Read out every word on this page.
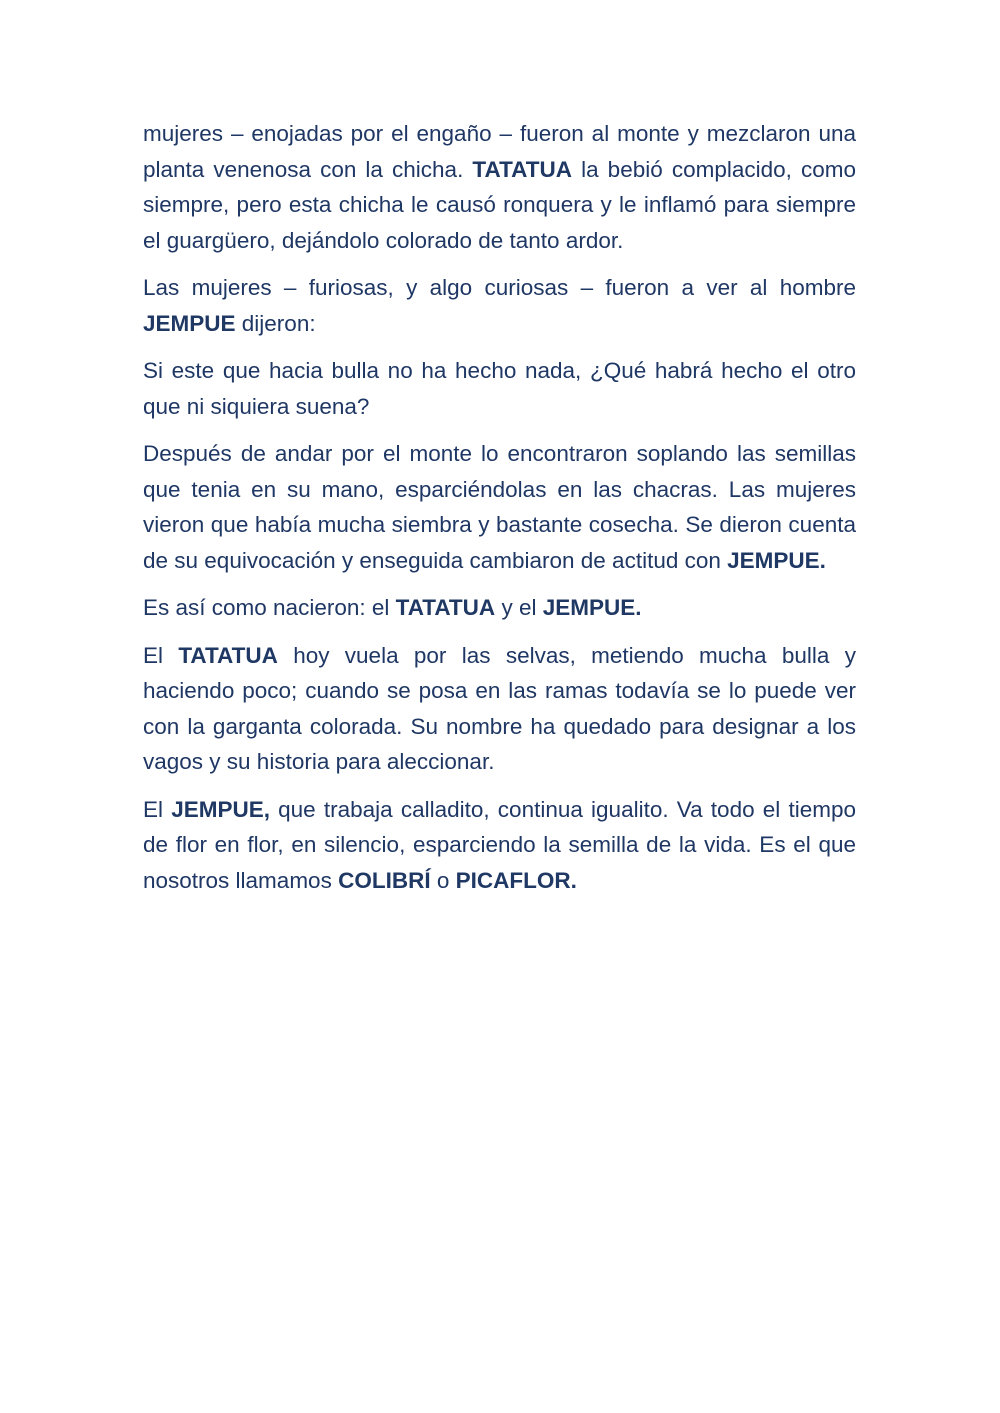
mujeres – enojadas por el engaño – fueron al monte y mezclaron una planta venenosa con la chicha. TATATUA la bebió complacido, como siempre, pero esta chicha le causó ronquera y le inflamó para siempre el guargüero, dejándolo colorado de tanto ardor.

Las mujeres – furiosas, y algo curiosas – fueron a ver al hombre JEMPUE dijeron:

Si este que hacia bulla no ha hecho nada, ¿Qué habrá hecho el otro que ni siquiera suena?

Después de andar por el monte lo encontraron soplando las semillas que tenia en su mano, esparciéndolas en las chacras. Las mujeres vieron que había mucha siembra y bastante cosecha. Se dieron cuenta de su equivocación y enseguida cambiaron de actitud con JEMPUE.

Es así como nacieron: el TATATUA y el JEMPUE.

El TATATUA hoy vuela por las selvas, metiendo mucha bulla y haciendo poco; cuando se posa en las ramas todavía se lo puede ver con la garganta colorada. Su nombre ha quedado para designar a los vagos y su historia para aleccionar.

El JEMPUE, que trabaja calladito, continua igualito. Va todo el tiempo de flor en flor, en silencio, esparciendo la semilla de la vida. Es el que nosotros llamamos COLIBRÍ o PICAFLOR.
